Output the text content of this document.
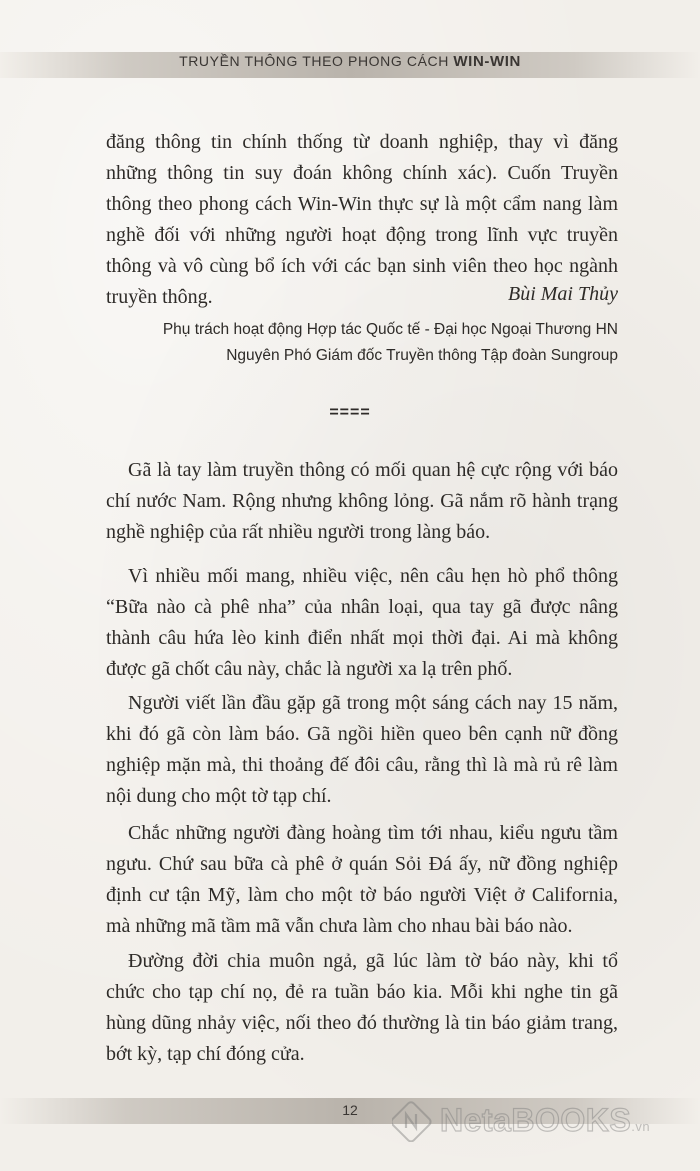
TRUYỀN THÔNG THEO PHONG CÁCH WIN-WIN

đăng thông tin chính thống từ doanh nghiệp, thay vì đăng những thông tin suy đoán không chính xác). Cuốn Truyền thông theo phong cách Win-Win thực sự là một cẩm nang làm nghề đối với những người hoạt động trong lĩnh vực truyền thông và vô cùng bổ ích với các bạn sinh viên theo học ngành truyền thông.	Bùi Mai Thủy
Phụ trách hoạt động Hợp tác Quốc tế - Đại học Ngoại Thương HN
Nguyên Phó Giám đốc Truyền thông Tập đoàn Sungroup
====

Gã là tay làm truyền thông có mối quan hệ cực rộng với báo chí nước Nam. Rộng nhưng không lỏng. Gã nắm rõ hành trạng nghề nghiệp của rất nhiều người trong làng báo.

Vì nhiều mối mang, nhiều việc, nên câu hẹn hò phổ thông “Bữa nào cà phê nha” của nhân loại, qua tay gã được nâng thành câu hứa lèo kinh điển nhất mọi thời đại. Ai mà không được gã chốt câu này, chắc là người xa lạ trên phố.

Người viết lần đầu gặp gã trong một sáng cách nay 15 năm, khi đó gã còn làm báo. Gã ngồi hiền queo bên cạnh nữ đồng nghiệp mặn mà, thi thoảng đế đôi câu, rằng thì là mà rủ rê làm nội dung cho một tờ tạp chí.

Chắc những người đàng hoàng tìm tới nhau, kiểu ngưu tầm ngưu. Chứ sau bữa cà phê ở quán Sỏi Đá ấy, nữ đồng nghiệp định cư tận Mỹ, làm cho một tờ báo người Việt ở California, mà những mã tầm mã vẫn chưa làm cho nhau bài báo nào.

Đường đời chia muôn ngả, gã lúc làm tờ báo này, khi tổ chức cho tạp chí nọ, đẻ ra tuần báo kia. Mỗi khi nghe tin gã hùng dũng nhảy việc, nối theo đó thường là tin báo giảm trang, bớt kỳ, tạp chí đóng cửa.

12	NetaBOOKS.vn
